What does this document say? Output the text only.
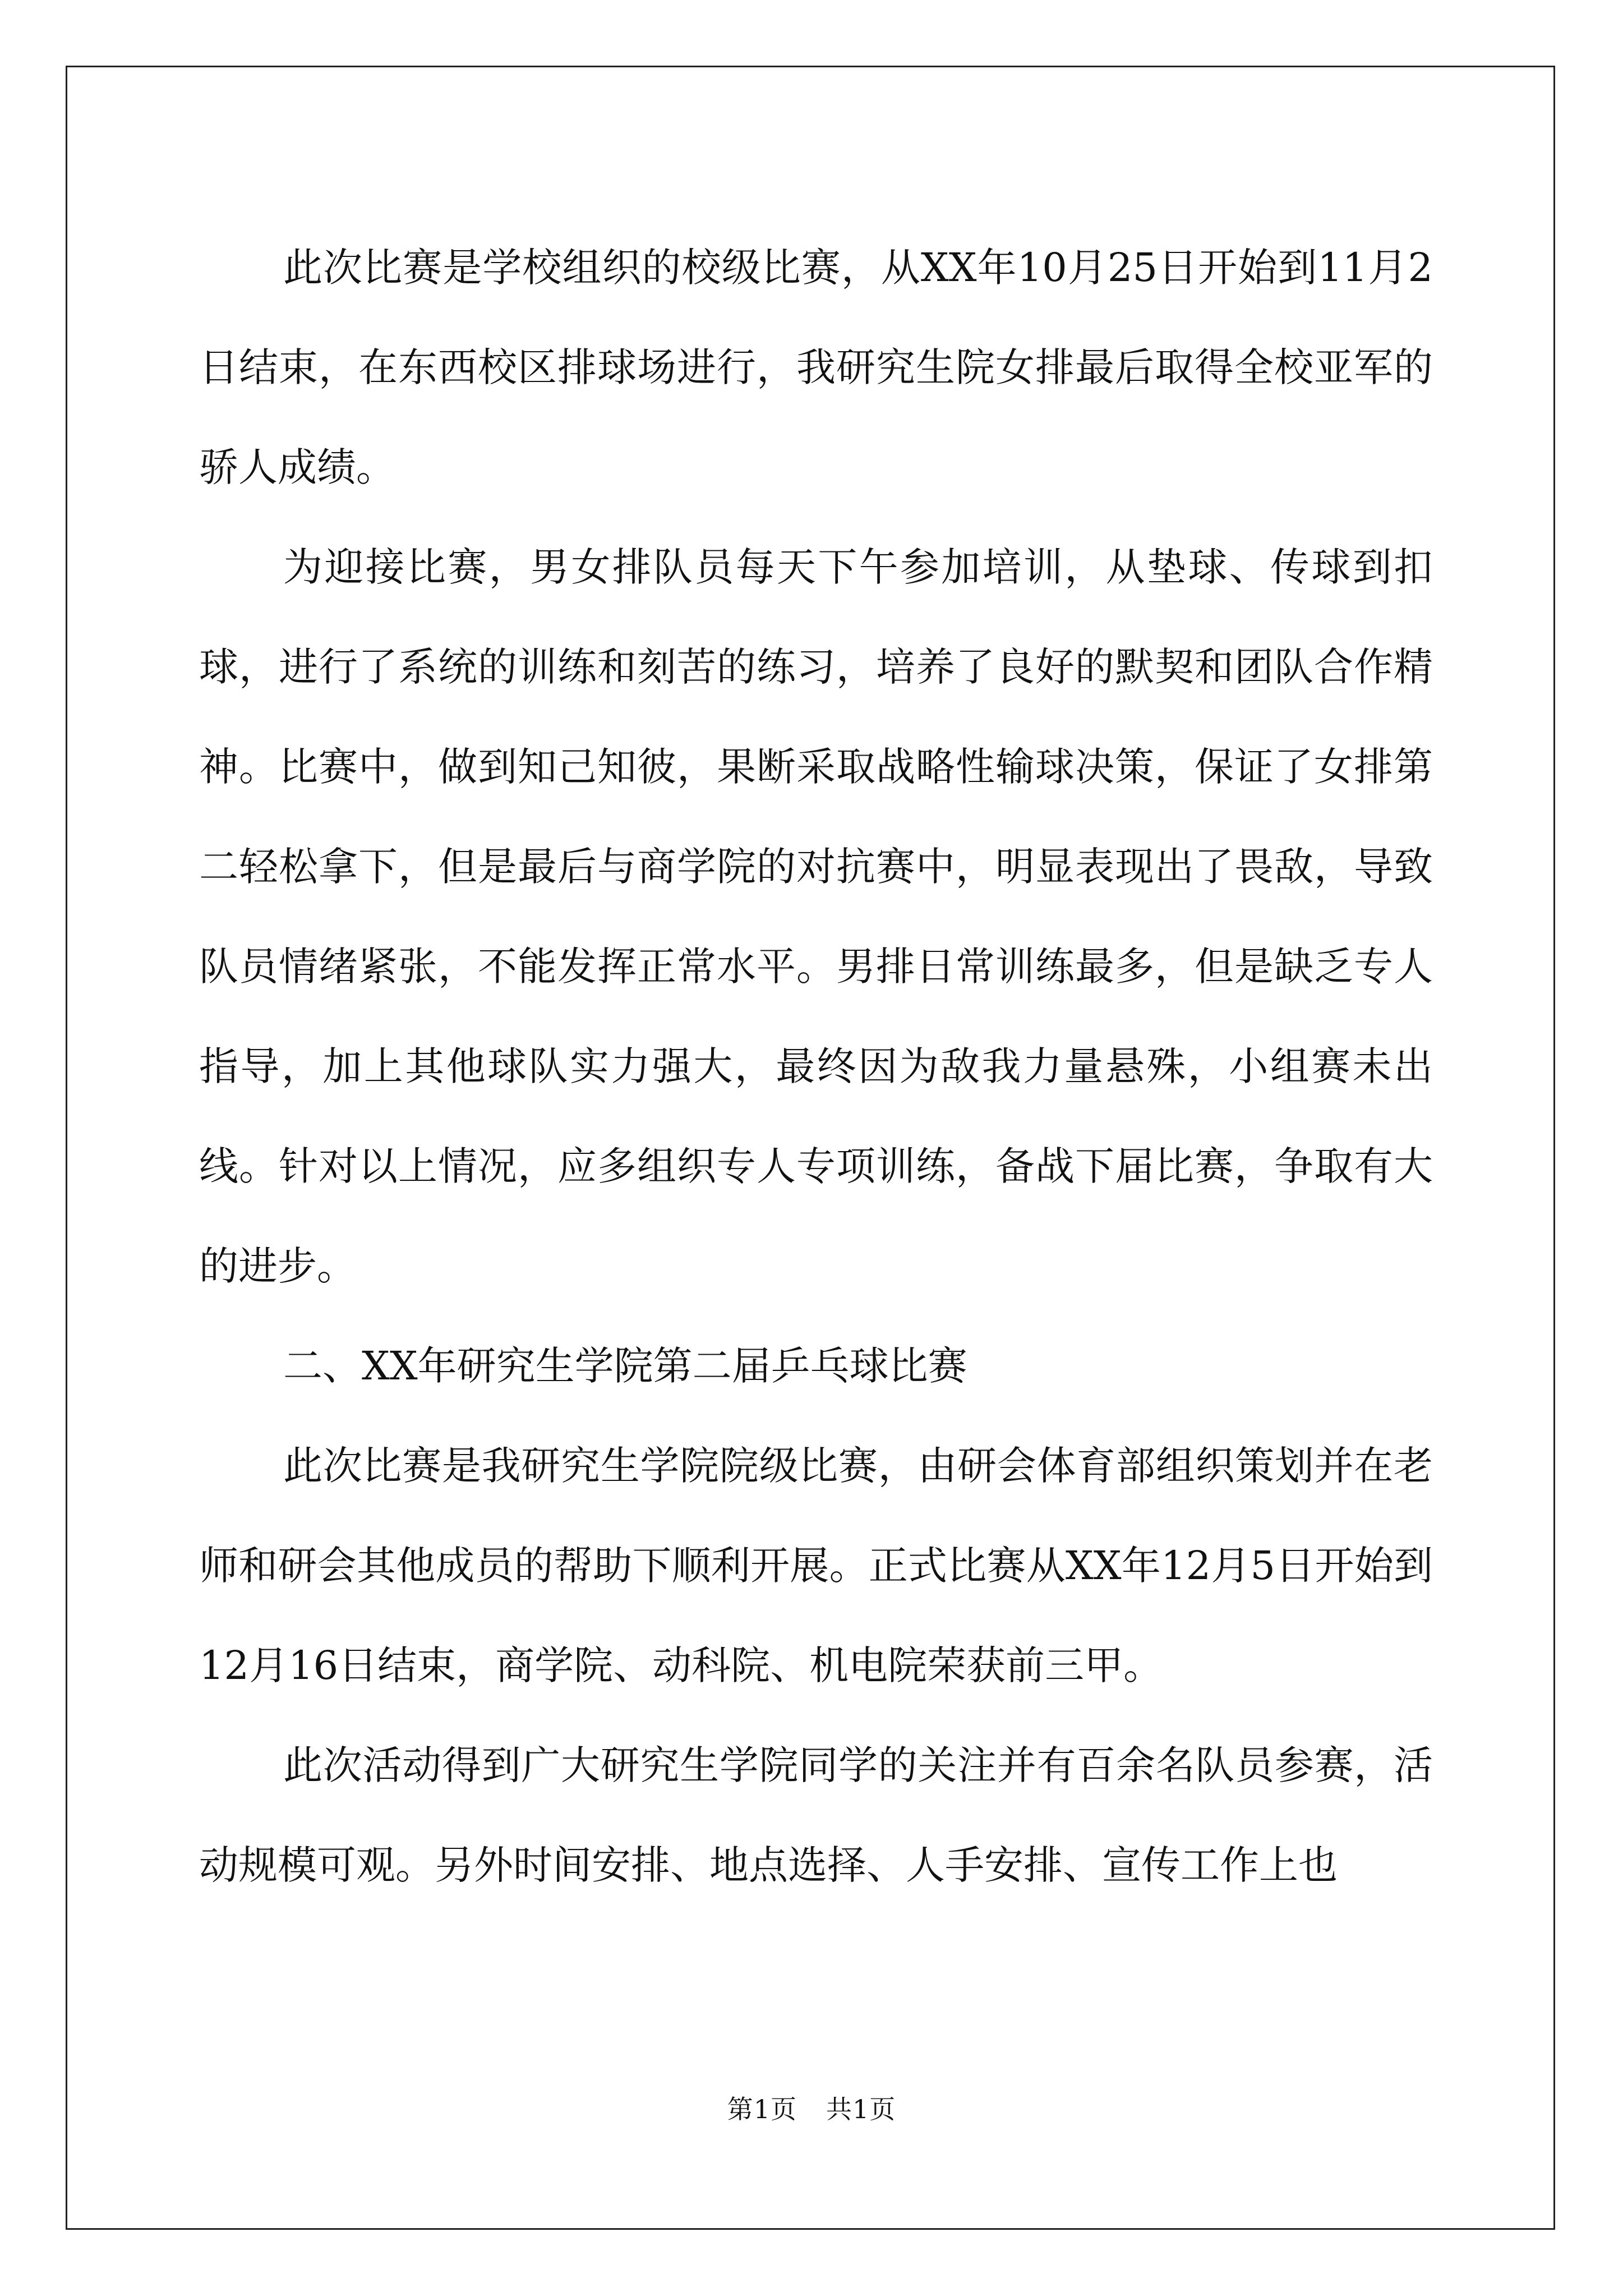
此次比赛是学校组织的校级比赛，从XX年10月25日开始到11月2日结束，在东西校区排球场进行，我研究生院女排最后取得全校亚军的骄人成绩。

为迎接比赛，男女排队员每天下午参加培训，从垫球、传球到扣球，进行了系统的训练和刻苦的练习，培养了良好的默契和团队合作精神。比赛中，做到知己知彼，果断采取战略性输球决策，保证了女排第二轻松拿下，但是最后与商学院的对抗赛中，明显表现出了畏敌，导致队员情绪紧张，不能发挥正常水平。男排日常训练最多，但是缺乏专人指导，加上其他球队实力强大，最终因为敌我力量悬殊，小组赛未出线。针对以上情况，应多组织专人专项训练，备战下届比赛，争取有大的进步。

二、XX年研究生学院第二届乒乓球比赛

此次比赛是我研究生学院院级比赛，由研会体育部组织策划并在老师和研会其他成员的帮助下顺利开展。正式比赛从XX年12月5日开始到12月16日结束，商学院、动科院、机电院荣获前三甲。

此次活动得到广大研究生学院同学的关注并有百余名队员参赛，活动规模可观。另外时间安排、地点选择、人手安排、宣传工作上也

第1页 共1页
